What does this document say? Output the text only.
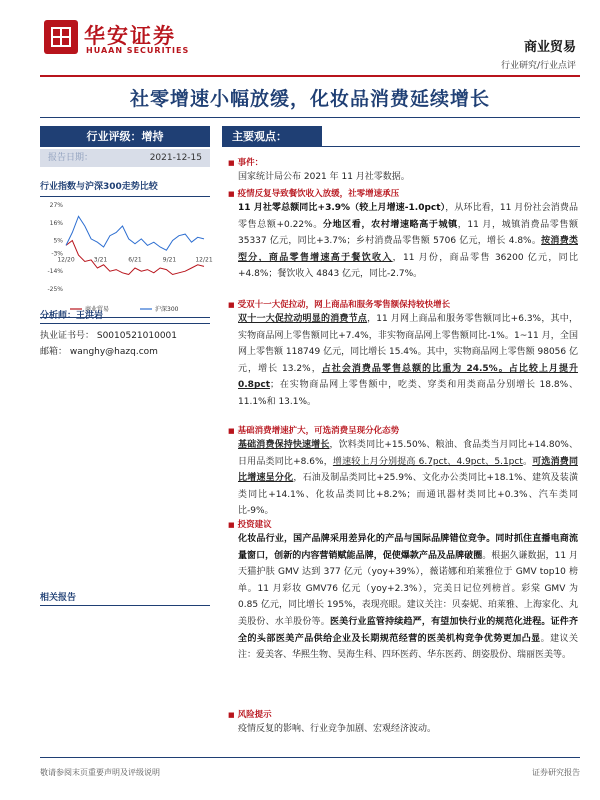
华安证券
HUAAN SECURITIES	商业贸易
行业研究/行业点评
社零增速小幅放缓，化妆品消费延续增长
行业评级：增持
报告日期：	2021-12-15
行业指数与沪深300走势比较
27%
16%
5%
-3%
-14%
-25%
12/20	3/21	6/21	9/21	12/21
商业贸易	沪深300
分析师：王洪岩
执业证书号： S0010521010001
邮箱： wanghy@hazq.com
相关报告
主要观点：
■ 事件：
国家统计局公布 2021 年 11 月社零数据。
■ 疫情反复导致餐饮收入放缓，社零增速承压
11 月社零总额同比+3.9%（较上月增速-1.0pct），从环比看，11 月份社会消费品零售总额+0.22%。分地区看，农村增速略高于城镇，11 月，城镇消费品零售额 35337 亿元，同比+3.7%；乡村消费品零售额 5706 亿元，增长 4.8%。按消费类型分，商品零售增速高于餐饮收入，11 月份，商品零售 36200 亿元，同比+4.8%；餐饮收入 4843 亿元，同比-2.7%。
■ 受双十一大促拉动，网上商品和服务零售额保持较快增长
双十一大促拉动明显的消费节点，11 月网上商品和服务零售额同比+6.3%，其中，实物商品网上零售额同比+7.4%，非实物商品网上零售额同比-1%。1~11 月，全国网上零售额 118749 亿元，同比增长 15.4%。其中，实物商品网上零售额 98056 亿元，增长 13.2%，占社会消费品零售总额的比重为 24.5%。占比较上月提升 0.8pct；在实物商品网上零售额中，吃类、穿类和用类商品分别增长 18.8%、11.1%和 13.1%。
■ 基础消费增速扩大，可选消费呈现分化态势
基础消费保持快速增长，饮料类同比+15.50%、粮油、食品类当月同比+14.80%、日用品类同比+8.6%，增速较上月分别提高 6.7pct、4.9pct、5.1pct。可选消费同比增速呈分化，石油及制品类同比+25.9%、文化办公类同比+18.1%、建筑及装潢类同比+14.1%、化妆品类同比+8.2%；而通讯器材类同比+0.3%、汽车类同比-9%。
■ 投资建议
化妆品行业，国产品牌采用差异化的产品与国际品牌错位竞争。同时抓住直播电商流量窗口，创新的内容营销赋能品牌，促使爆款产品及品牌破圈。根据久谦数据，11 月天猫护肤 GMV 达到 377 亿元（yoy+39%），薇诺娜和珀莱雅位于 GMV top10 榜单。11 月彩妆 GMV76 亿元（yoy+2.3%），完美日记位列榜首。彩棠 GMV 为 0.85 亿元，同比增长 195%，表现亮眼。建议关注：贝泰妮、珀莱雅、上海家化、丸美股份、水羊股份等。医美行业监管持续趋严，有望加快行业的规范化进程。证件齐全的头部医美产品供给企业及长期规范经营的医美机构竞争优势更加凸显。建议关注：爱美客、华熙生物、昊海生科、四环医药、华东医药、朗姿股份、瑞丽医美等。
■ 风险提示
疫情反复的影响、行业竞争加剧、宏观经济波动。
敬请参阅末页重要声明及评级说明	证券研究报告
